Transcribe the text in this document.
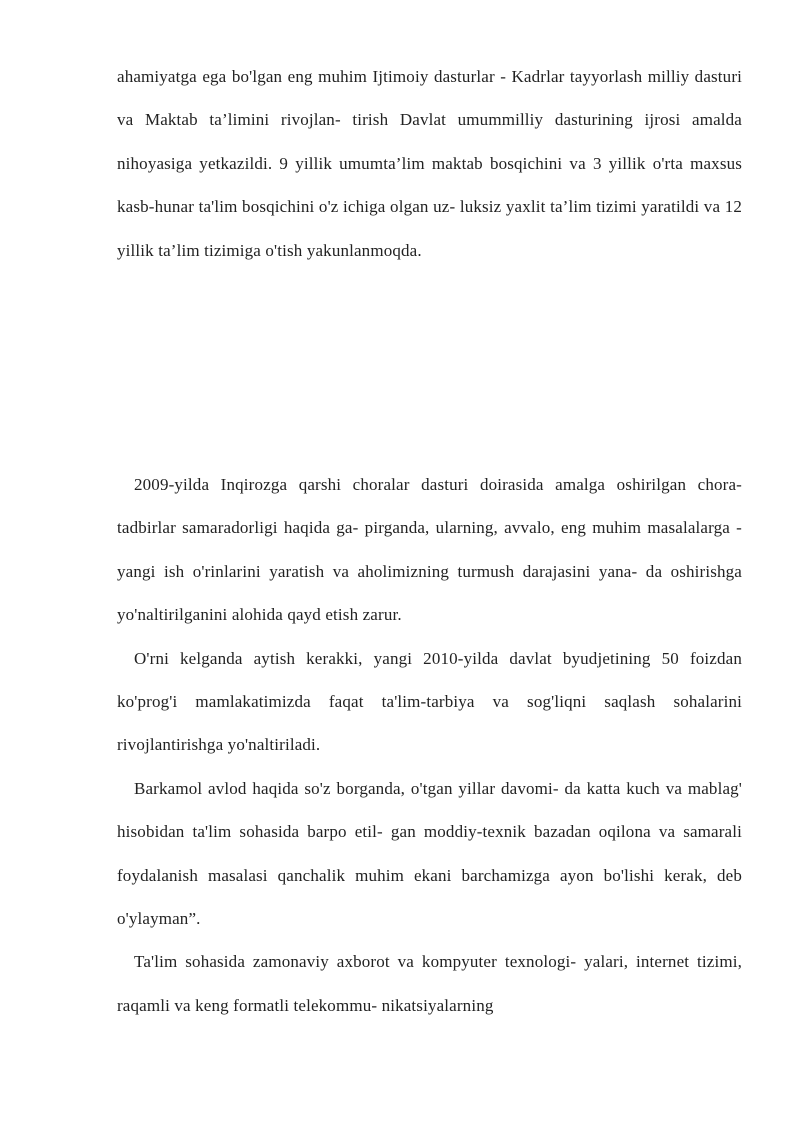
ahamiyatga ega bo'lgan eng muhim Ijtimoiy dasturlar - Kadrlar tayyorlash milliy dasturi va Maktab ta’limini rivojlan- tirish Davlat umummilliy dasturining ijrosi amalda nihoyasiga yetkazildi. 9 yillik umumta’lim maktab bosqichini va 3 yillik o'rta maxsus kasb-hunar ta'lim bosqichini o'z ichiga olgan uz- luksiz yaxlit ta’lim tizimi yaratildi va 12 yillik ta’lim tizimiga o'tish yakunlanmoqda.

2009-yilda Inqirozga qarshi choralar dasturi doirasida amalga oshirilgan chora-tadbirlar samaradorligi haqida ga- pirganda, ularning, avvalo, eng muhim masalalarga - yangi ish o'rinlarini yaratish va aholimizning turmush darajasini yana- da oshirishga yo'naltirilganini alohida qayd etish zarur.

O'rni kelganda aytish kerakki, yangi 2010-yilda davlat byudjetining 50 foizdan ko'prog'i mamlakatimizda faqat ta'lim-tarbiya va sog'liqni saqlash sohalarini rivojlantirishga yo'naltiriladi.

Barkamol avlod haqida so'z borganda, o'tgan yillar davomi- da katta kuch va mablag' hisobidan ta'lim sohasida barpo etil- gan moddiy-texnik bazadan oqilona va samarali foydalanish masalasi qanchalik muhim ekani barchamizga ayon bo'lishi kerak, deb o'ylayman”.

Ta'lim sohasida zamonaviy axborot va kompyuter texnologi- yalari, internet tizimi, raqamli va keng formatli telekommu- nikatsiyalarning
